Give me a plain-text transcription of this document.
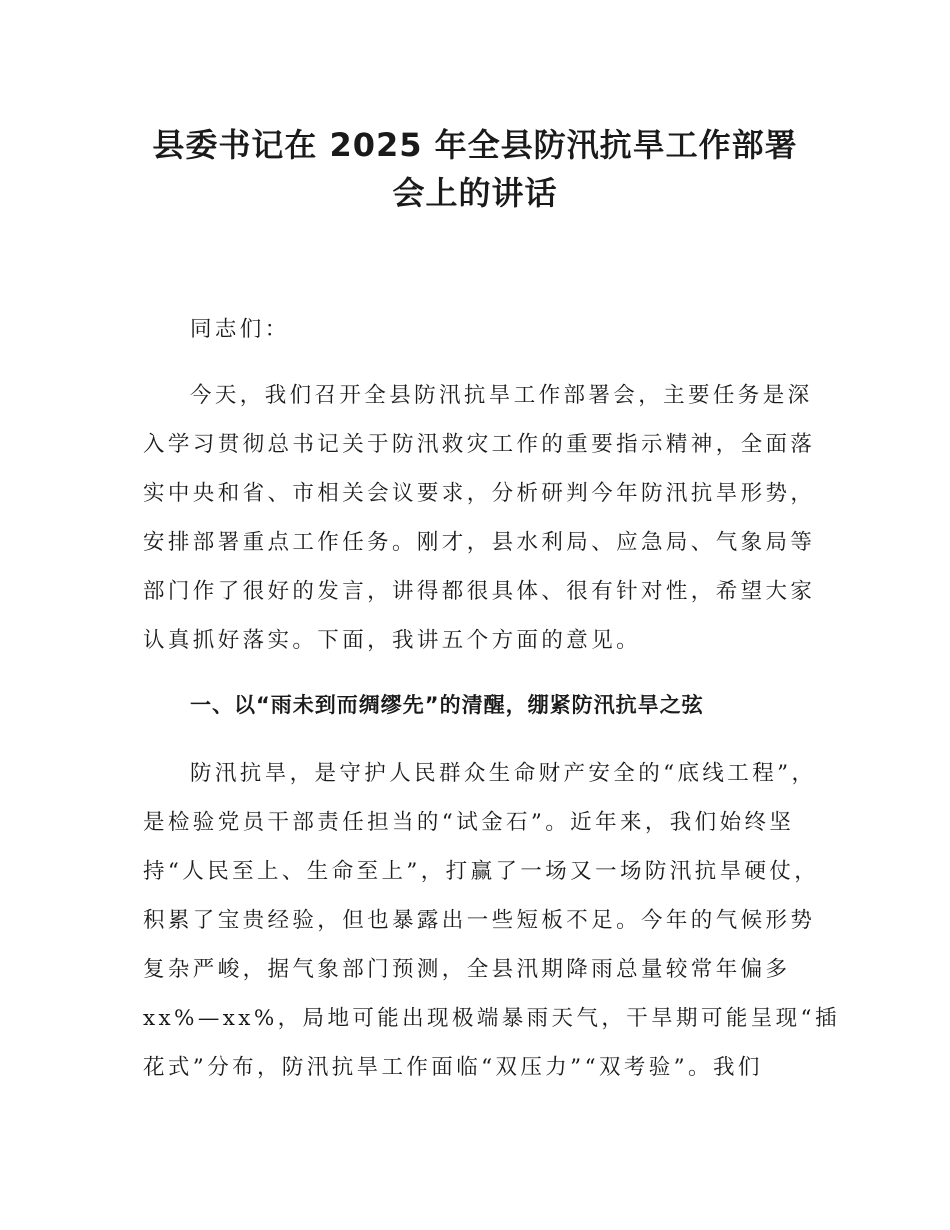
县委书记在 2025 年全县防汛抗旱工作部署
会上的讲话
同志们：
今天，我们召开全县防汛抗旱工作部署会，主要任务是深
入学习贯彻总书记关于防汛救灾工作的重要指示精神，全面落
实中央和省、市相关会议要求，分析研判今年防汛抗旱形势，
安排部署重点工作任务。刚才，县水利局、应急局、气象局等
部门作了很好的发言，讲得都很具体、很有针对性，希望大家
认真抓好落实。下面，我讲五个方面的意见。
一、以“雨未到而绸缪先”的清醒，绷紧防汛抗旱之弦
防汛抗旱，是守护人民群众生命财产安全的“底线工程”，
是检验党员干部责任担当的“试金石”。近年来，我们始终坚
持“人民至上、生命至上”，打赢了一场又一场防汛抗旱硬仗，
积累了宝贵经验，但也暴露出一些短板不足。今年的气候形势
复杂严峻，据气象部门预测，全县汛期降雨总量较常年偏多
xx%—xx%，局地可能出现极端暴雨天气，干旱期可能呈现“插
花式”分布，防汛抗旱工作面临“双压力”“双考验”。我们
